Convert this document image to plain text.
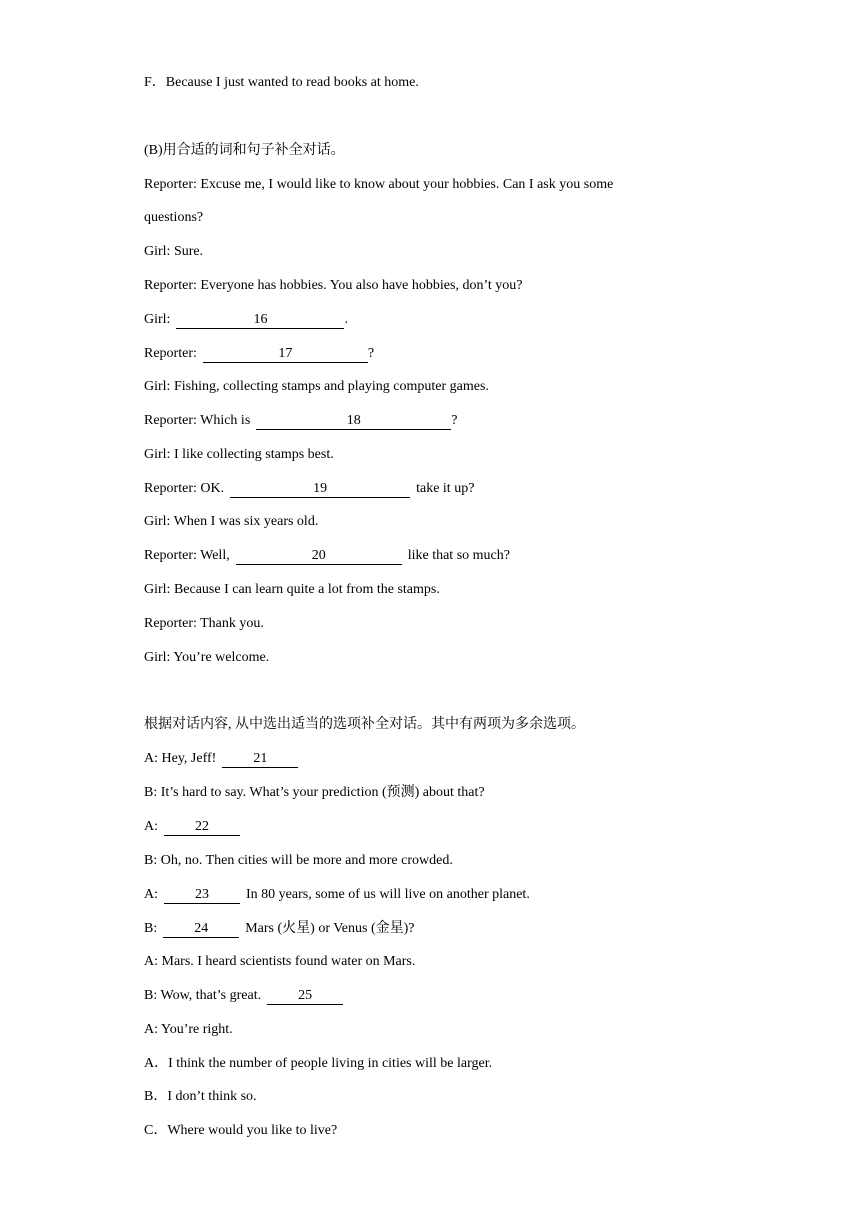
F．Because I just wanted to read books at home.
(B)用合适的词和句子补全对话。
Reporter: Excuse me, I would like to know about your hobbies. Can I ask you some
questions?
Girl: Sure.
Reporter: Everyone has hobbies. You also have hobbies, don’t you?
Girl:	16	.
Reporter:	17	?
Girl: Fishing, collecting stamps and playing computer games.
Reporter: Which is	18	?
Girl: I like collecting stamps best.
Reporter: OK.	19	take it up?
Girl: When I was six years old.
Reporter: Well,	20	like that so much?
Girl: Because I can learn quite a lot from the stamps.
Reporter: Thank you.
Girl: You’re welcome.
根据对话内容, 从中选出适当的选项补全对话。其中有两项为多余选项。
A: Hey, Jeff!	21
B: It’s hard to say. What’s your prediction (预测) about that?
A:	22
B: Oh, no. Then cities will be more and more crowded.
A:	23	In 80 years, some of us will live on another planet.
B:	24	Mars (火星) or Venus (金星)?
A: Mars. I heard scientists found water on Mars.
B: Wow, that’s great.	25
A: You’re right.
A．I think the number of people living in cities will be larger.
B．I don’t think so.
C．Where would you like to live?
